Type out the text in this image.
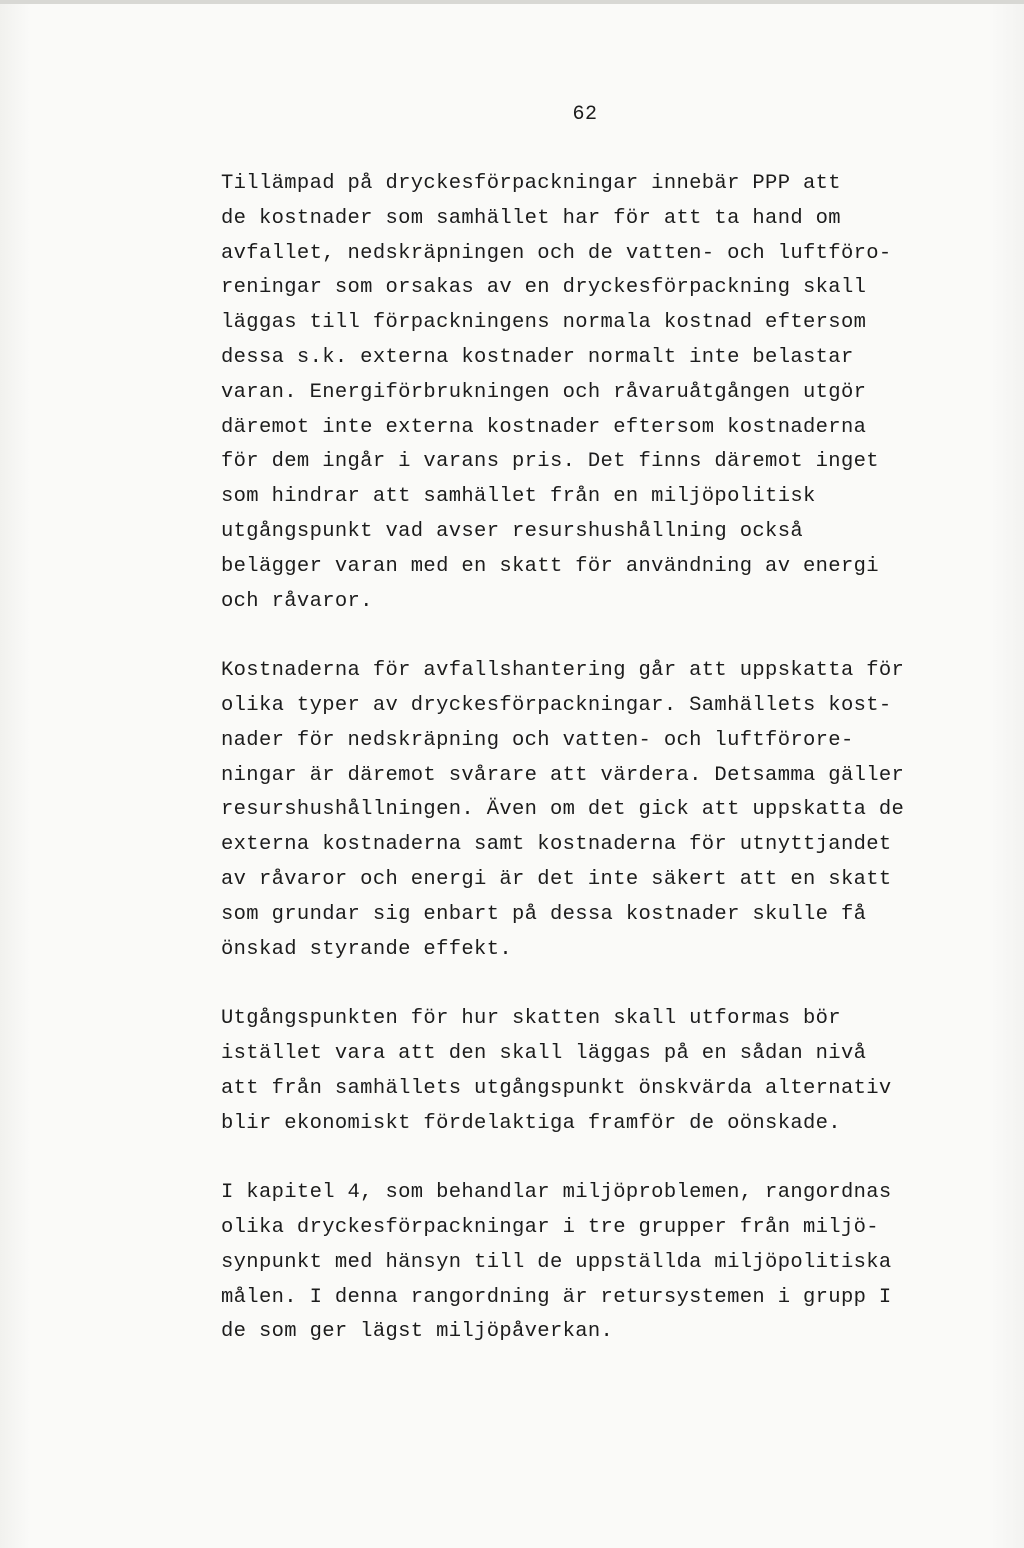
62
Tillämpad på dryckesförpackningar innebär PPP att
de kostnader som samhället har för att ta hand om
avfallet, nedskräpningen och de vatten- och luftföro-
reningar som orsakas av en dryckesförpackning skall
läggas till förpackningens normala kostnad eftersom
dessa s.k. externa kostnader normalt inte belastar
varan. Energiförbrukningen och råvaruåtgången utgör
däremot inte externa kostnader eftersom kostnaderna
för dem ingår i varans pris. Det finns däremot inget
som hindrar att samhället från en miljöpolitisk
utgångspunkt vad avser resurshushållning också
belägger varan med en skatt för användning av energi
och råvaror.
Kostnaderna för avfallshantering går att uppskatta för
olika typer av dryckesförpackningar. Samhällets kost-
nader för nedskräpning och vatten- och luftförore-
ningar är däremot svårare att värdera. Detsamma gäller
resurshushållningen. Även om det gick att uppskatta de
externa kostnaderna samt kostnaderna för utnyttjandet
av råvaror och energi är det inte säkert att en skatt
som grundar sig enbart på dessa kostnader skulle få
önskad styrande effekt.
Utgångspunkten för hur skatten skall utformas bör
istället vara att den skall läggas på en sådan nivå
att från samhällets utgångspunkt önskvärda alternativ
blir ekonomiskt fördelaktiga framför de oönskade.
I kapitel 4, som behandlar miljöproblemen, rangordnas
olika dryckesförpackningar i tre grupper från miljö-
synpunkt med hänsyn till de uppställda miljöpolitiska
målen. I denna rangordning är retursystemen i grupp I
de som ger lägst miljöpåverkan.
